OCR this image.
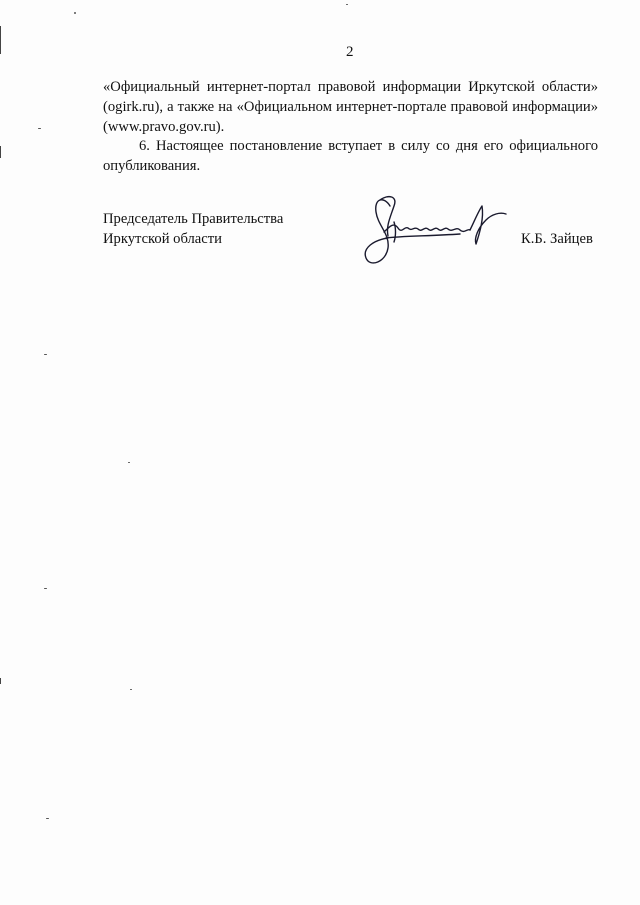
2
«Официальный интернет-портал правовой информации Иркутской области»
(ogirk.ru), а также на «Официальном интернет-портале правовой информации»
(www.pravo.gov.ru).
6. Настоящее постановление вступает в силу со дня его официального
опубликования.
Председатель Правительства
Иркутской области	К.Б. Зайцев
